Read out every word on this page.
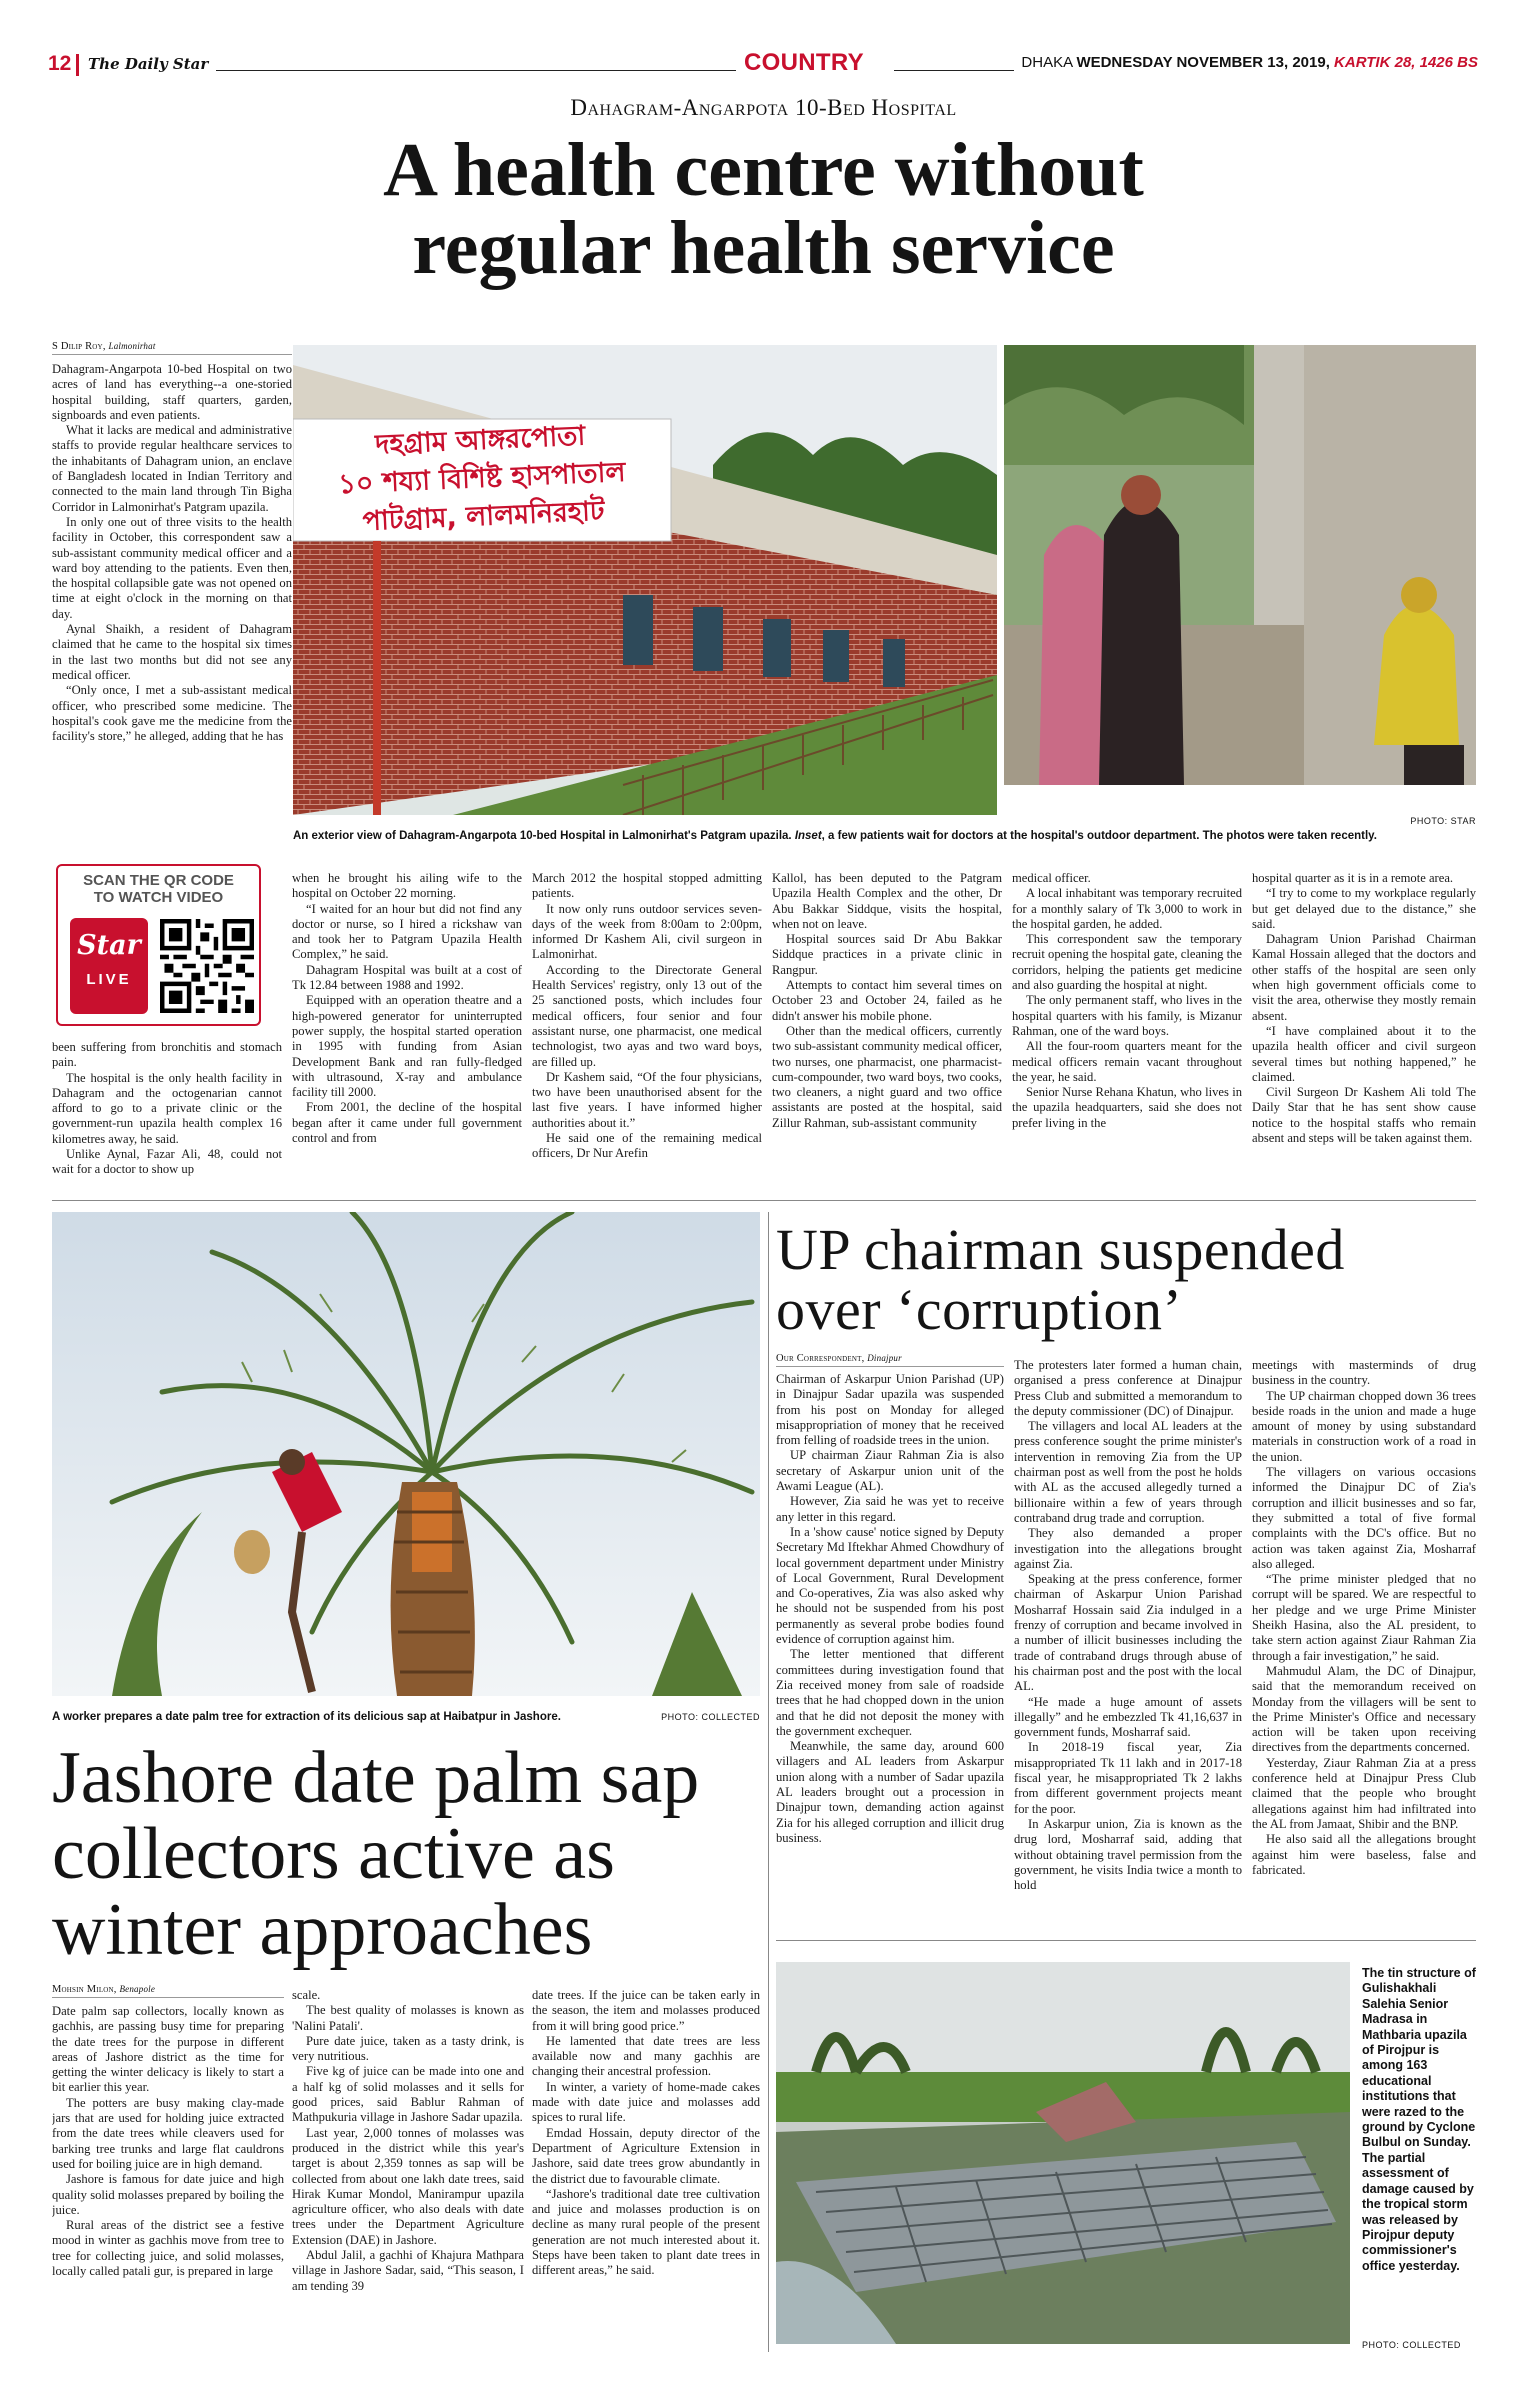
12 The Daily Star	COUNTRY	DHAKA WEDNESDAY NOVEMBER 13, 2019, KARTIK 28, 1426 BS
Dahagram-Angarpota 10-Bed Hospital
A health centre without
regular health service
S Dilip Roy, Lalmonirhat

Dahagram-Angarpota 10-bed Hospital on two acres of land has everything--a one-storied hospital building, staff quarters, garden, signboards and even patients.

What it lacks are medical and administrative staffs to provide regular healthcare services to the inhabitants of Dahagram union, an enclave of Bangladesh located in Indian Territory and connected to the main land through Tin Bigha Corridor in Lalmonirhat's Patgram upazila.

In only one out of three visits to the health facility in October, this correspondent saw a sub-assistant community medical officer and a ward boy attending to the patients. Even then, the hospital collapsible gate was not opened on time at eight o'clock in the morning on that day.

Aynal Shaikh, a resident of Dahagram claimed that he came to the hospital six times in the last two months but did not see any medical officer.

“Only once, I met a sub-assistant medical officer, who prescribed some medicine. The hospital's cook gave me the medicine from the facility's store,” he alleged, adding that he has

দহগ্রাম আঙ্গরপোতা
১০ শয্যা বিশিষ্ট হাসপাতাল
পাটগ্রাম, লালমনিরহাট
PHOTO: STAR
An exterior view of Dahagram-Angarpota 10-bed Hospital in Lalmonirhat's Patgram upazila. Inset, a few patients wait for doctors at the hospital's outdoor department. The photos were taken recently.
SCAN THE QR CODE
TO WATCH VIDEO
Star
LIVE

been suffering from bronchitis and stomach pain.

The hospital is the only health facility in Dahagram and the octogenarian cannot afford to go to a private clinic or the government-run upazila health complex 16 kilometres away, he said.

Unlike Aynal, Fazar Ali, 48, could not wait for a doctor to show up

when he brought his ailing wife to the hospital on October 22 morning.

“I waited for an hour but did not find any doctor or nurse, so I hired a rickshaw van and took her to Patgram Upazila Health Complex,” he said.

Dahagram Hospital was built at a cost of Tk 12.84 between 1988 and 1992.

Equipped with an operation theatre and a high-powered generator for uninterrupted power supply, the hospital started operation in 1995 with funding from Asian Development Bank and ran fully-fledged with ultrasound, X-ray and ambulance facility till 2000.

From 2001, the decline of the hospital began after it came under full government control and from

March 2012 the hospital stopped admitting patients.

It now only runs outdoor services seven-days of the week from 8:00am to 2:00pm, informed Dr Kashem Ali, civil surgeon in Lalmonirhat.

According to the Directorate General Health Services' registry, only 13 out of the 25 sanctioned posts, which includes four medical officers, four senior and four assistant nurse, one pharmacist, one medical technologist, two ayas and two ward boys, are filled up.

Dr Kashem said, “Of the four physicians, two have been unauthorised absent for the last five years. I have informed higher authorities about it.”

He said one of the remaining medical officers, Dr Nur Arefin

Kallol, has been deputed to the Patgram Upazila Health Complex and the other, Dr Abu Bakkar Siddque, visits the hospital, when not on leave.

Hospital sources said Dr Abu Bakkar Siddque practices in a private clinic in Rangpur.

Attempts to contact him several times on October 23 and October 24, failed as he didn't answer his mobile phone.

Other than the medical officers, currently two sub-assistant community medical officer, two nurses, one pharmacist, one pharmacist-cum-compounder, two ward boys, two cooks, two cleaners, a night guard and two office assistants are posted at the hospital, said Zillur Rahman, sub-assistant community

medical officer.

A local inhabitant was temporary recruited for a monthly salary of Tk 3,000 to work in the hospital garden, he added.

This correspondent saw the temporary recruit opening the hospital gate, cleaning the corridors, helping the patients get medicine and also guarding the hospital at night.

The only permanent staff, who lives in the hospital quarters with his family, is Mizanur Rahman, one of the ward boys.

All the four-room quarters meant for the medical officers remain vacant throughout the year, he said.

Senior Nurse Rehana Khatun, who lives in the upazila headquarters, said she does not prefer living in the

hospital quarter as it is in a remote area.

“I try to come to my workplace regularly but get delayed due to the distance,” she said.

Dahagram Union Parishad Chairman Kamal Hossain alleged that the doctors and other staffs of the hospital are seen only when high government officials come to visit the area, otherwise they mostly remain absent.

“I have complained about it to the upazila health officer and civil surgeon several times but nothing happened,” he claimed.

Civil Surgeon Dr Kashem Ali told The Daily Star that he has sent show cause notice to the hospital staffs who remain absent and steps will be taken against them.

A worker prepares a date palm tree for extraction of its delicious sap at Haibatpur in Jashore.	PHOTO: COLLECTED
Jashore date palm sap
collectors active as
winter approaches
Mohsin Milon, Benapole

Date palm sap collectors, locally known as gachhis, are passing busy time for preparing the date trees for the purpose in different areas of Jashore district as the time for getting the winter delicacy is likely to start a bit earlier this year.

The potters are busy making clay-made jars that are used for holding juice extracted from the date trees while cleavers used for barking tree trunks and large flat cauldrons used for boiling juice are in high demand.

Jashore is famous for date juice and high quality solid molasses prepared by boiling the juice.

Rural areas of the district see a festive mood in winter as gachhis move from tree to tree for collecting juice, and solid molasses, locally called patali gur, is prepared in large

scale.

The best quality of molasses is known as 'Nalini Patali'.

Pure date juice, taken as a tasty drink, is very nutritious.

Five kg of juice can be made into one and a half kg of solid molasses and it sells for good prices, said Bablur Rahman of Mathpukuria village in Jashore Sadar upazila.

Last year, 2,000 tonnes of molasses was produced in the district while this year's target is about 2,359 tonnes as sap will be collected from about one lakh date trees, said Hirak Kumar Mondol, Manirampur upazila agriculture officer, who also deals with date trees under the Department Agriculture Extension (DAE) in Jashore.

Abdul Jalil, a gachhi of Khajura Mathpara village in Jashore Sadar, said, “This season, I am tending 39

date trees. If the juice can be taken early in the season, the item and molasses produced from it will bring good price.”

He lamented that date trees are less available now and many gachhis are changing their ancestral profession.

In winter, a variety of home-made cakes made with date juice and molasses add spices to rural life.

Emdad Hossain, deputy director of the Department of Agriculture Extension in Jashore, said date trees grow abundantly in the district due to favourable climate.

“Jashore's traditional date tree cultivation and juice and molasses production is on decline as many rural people of the present generation are not much interested about it. Steps have been taken to plant date trees in different areas,” he said.

UP chairman suspended
over ‘corruption’
Our Correspondent, Dinajpur

Chairman of Askarpur Union Parishad (UP) in Dinajpur Sadar upazila was suspended from his post on Monday for alleged misappropriation of money that he received from felling of roadside trees in the union.

UP chairman Ziaur Rahman Zia is also secretary of Askarpur union unit of the Awami League (AL).

However, Zia said he was yet to receive any letter in this regard.

In a 'show cause' notice signed by Deputy Secretary Md Iftekhar Ahmed Chowdhury of local government department under Ministry of Local Government, Rural Development and Co-operatives, Zia was also asked why he should not be suspended from his post permanently as several probe bodies found evidence of corruption against him.

The letter mentioned that different committees during investigation found that Zia received money from sale of roadside trees that he had chopped down in the union and that he did not deposit the money with the government exchequer.

Meanwhile, the same day, around 600 villagers and AL leaders from Askarpur union along with a number of Sadar upazila AL leaders brought out a procession in Dinajpur town, demanding action against Zia for his alleged corruption and illicit drug business.

The protesters later formed a human chain, organised a press conference at Dinajpur Press Club and submitted a memorandum to the deputy commissioner (DC) of Dinajpur.

The villagers and local AL leaders at the press conference sought the prime minister's intervention in removing Zia from the UP chairman post as well from the post he holds with AL as the accused allegedly turned a billionaire within a few of years through contraband drug trade and corruption.

They also demanded a proper investigation into the allegations brought against Zia.

Speaking at the press conference, former chairman of Askarpur Union Parishad Mosharraf Hossain said Zia indulged in a frenzy of corruption and became involved in a number of illicit businesses including the trade of contraband drugs through abuse of his chairman post and the post with the local AL.

“He made a huge amount of assets illegally” and he embezzled Tk 41,16,637 in government funds, Mosharraf said.

In 2018-19 fiscal year, Zia misappropriated Tk 11 lakh and in 2017-18 fiscal year, he misappropriated Tk 2 lakhs from different government projects meant for the poor.

In Askarpur union, Zia is known as the drug lord, Mosharraf said, adding that without obtaining travel permission from the government, he visits India twice a month to hold

meetings with masterminds of drug business in the country.

The UP chairman chopped down 36 trees beside roads in the union and made a huge amount of money by using substandard materials in construction work of a road in the union.

The villagers on various occasions informed the Dinajpur DC of Zia's corruption and illicit businesses and so far, they submitted a total of five formal complaints with the DC's office. But no action was taken against Zia, Mosharraf also alleged.

“The prime minister pledged that no corrupt will be spared. We are respectful to her pledge and we urge Prime Minister Sheikh Hasina, also the AL president, to take stern action against Ziaur Rahman Zia through a fair investigation,” he said.

Mahmudul Alam, the DC of Dinajpur, said that the memorandum received on Monday from the villagers will be sent to the Prime Minister's Office and necessary action will be taken upon receiving directives from the departments concerned.

Yesterday, Ziaur Rahman Zia at a press conference held at Dinajpur Press Club claimed that the people who brought allegations against him had infiltrated into the AL from Jamaat, Shibir and the BNP.

He also said all the allegations brought against him were baseless, false and fabricated.

The tin structure of Gulishakhali Salehia Senior Madrasa in Mathbaria upazila of Pirojpur is among 163 educational institutions that were razed to the ground by Cyclone Bulbul on Sunday. The partial assessment of damage caused by the tropical storm was released by Pirojpur deputy commissioner's office yesterday.
PHOTO: COLLECTED
